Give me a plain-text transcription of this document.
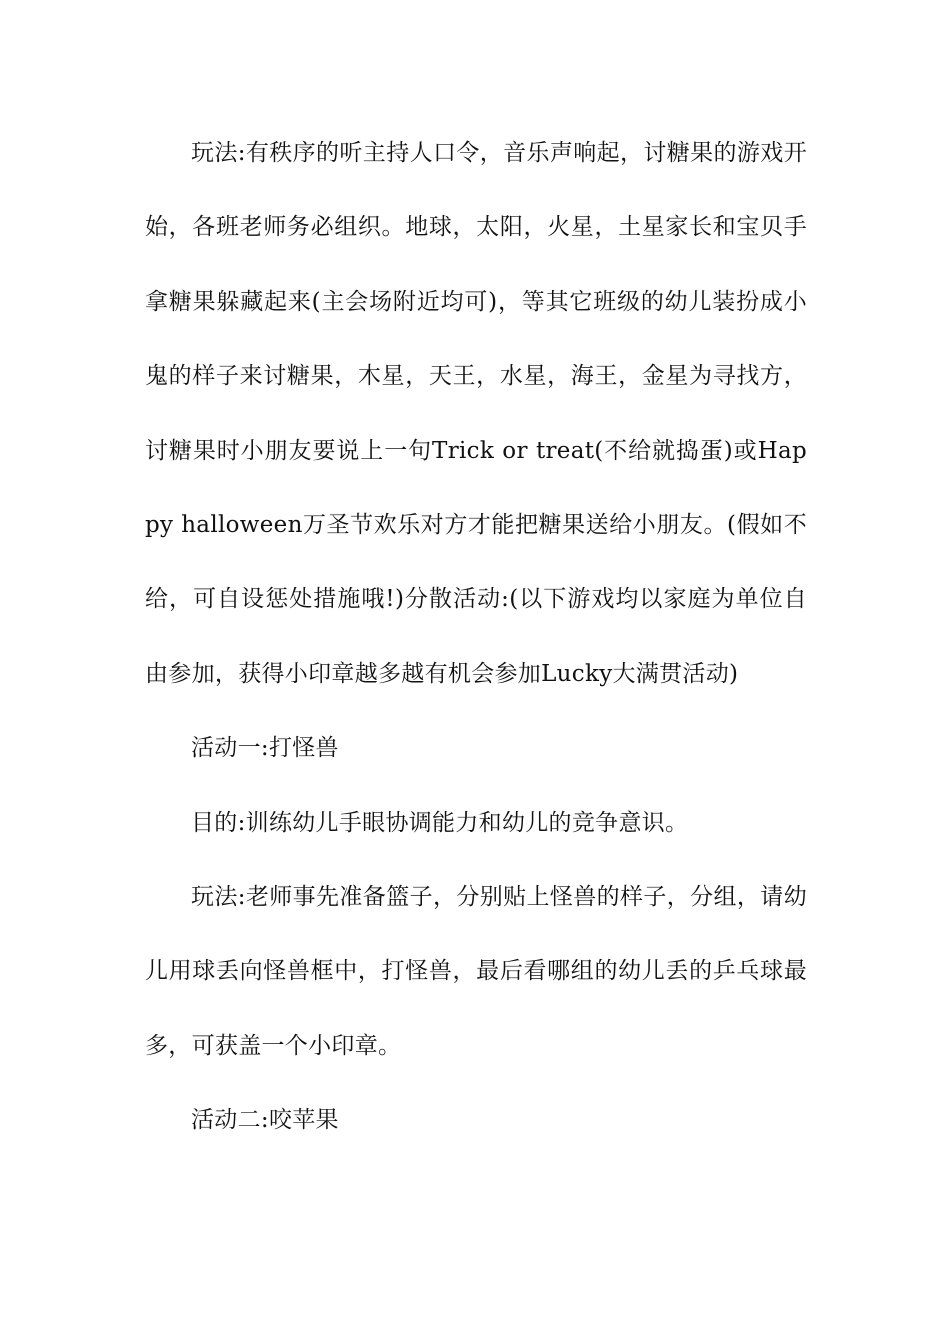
玩法:有秩序的听主持人口令，音乐声响起，讨糖果的游戏开始，各班老师务必组织。地球，太阳，火星，土星家长和宝贝手拿糖果躲藏起来(主会场附近均可)，等其它班级的幼儿装扮成小鬼的样子来讨糖果，木星，天王，水星，海王，金星为寻找方，讨糖果时小朋友要说上一句Trick or treat(不给就捣蛋)或Happy halloween万圣节欢乐对方才能把糖果送给小朋友。(假如不给，可自设惩处措施哦!)分散活动:(以下游戏均以家庭为单位自由参加，获得小印章越多越有机会参加Lucky大满贯活动)

活动一:打怪兽

目的:训练幼儿手眼协调能力和幼儿的竞争意识。

玩法:老师事先准备篮子，分别贴上怪兽的样子，分组，请幼儿用球丢向怪兽框中，打怪兽，最后看哪组的幼儿丢的乒乓球最多，可获盖一个小印章。

活动二:咬苹果
